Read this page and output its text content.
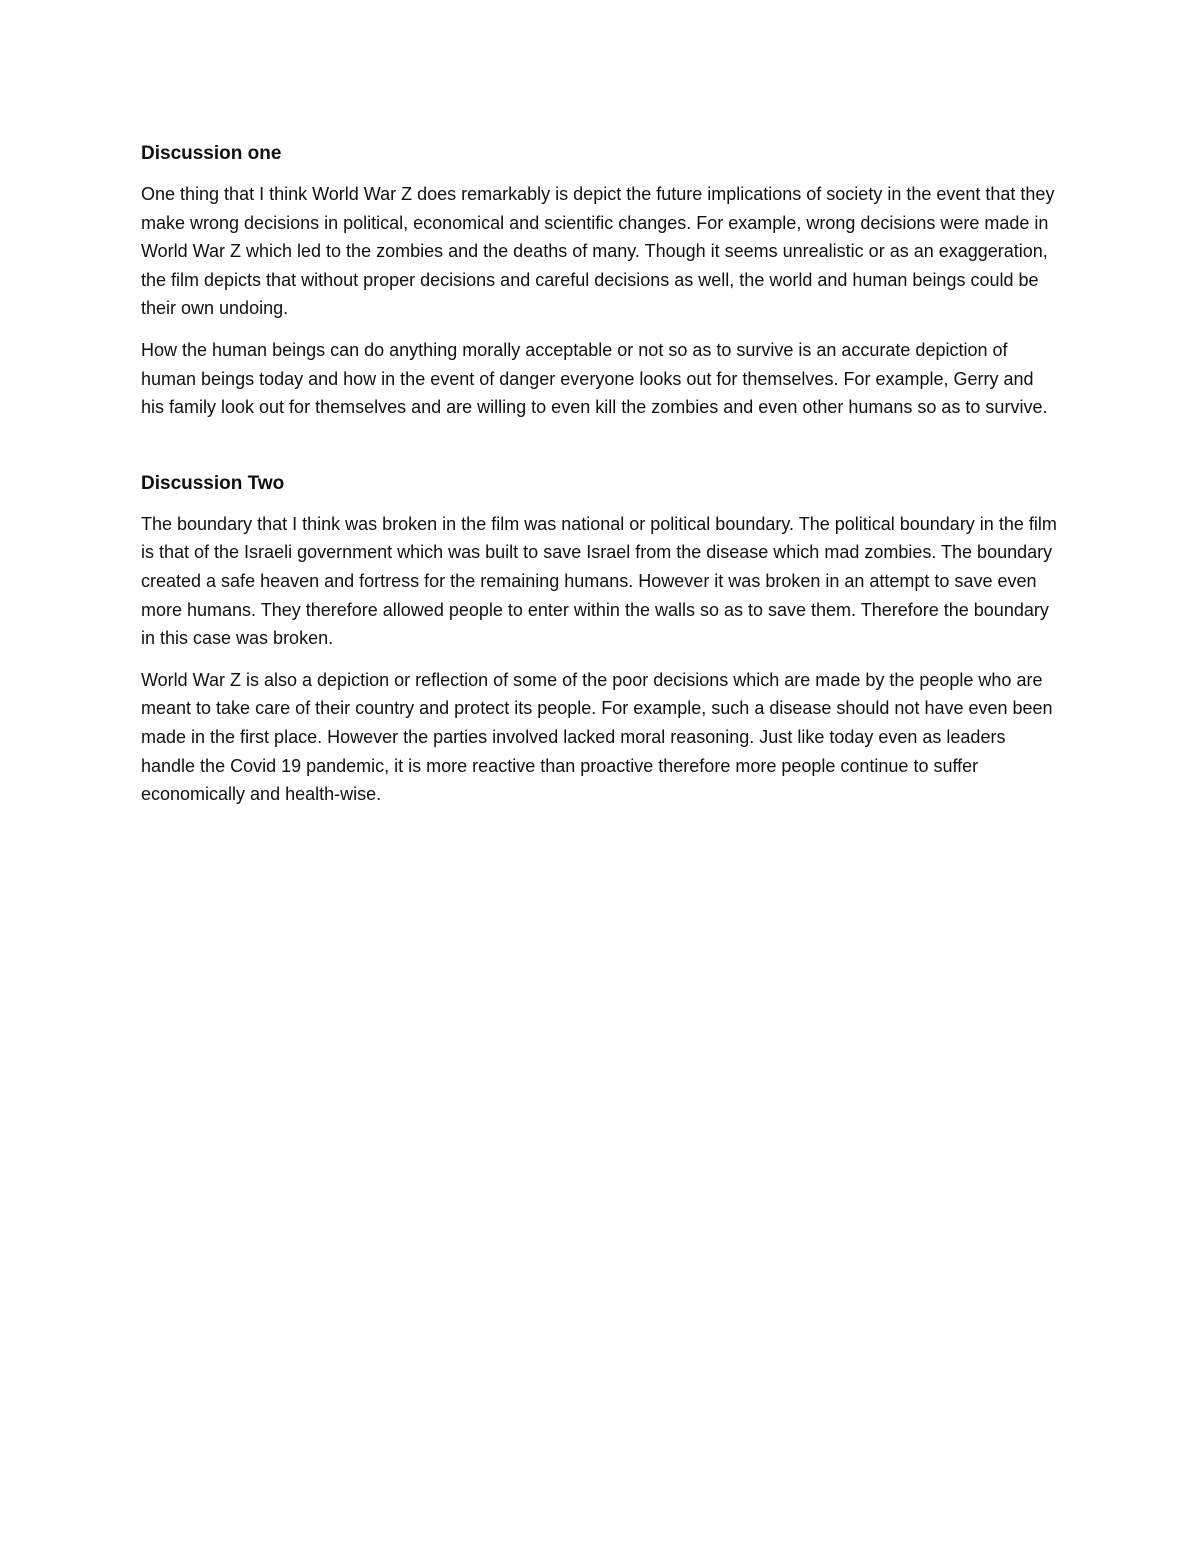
Discussion one

One thing that I think World War Z does remarkably is depict the future implications of society in the event that they make wrong decisions in political, economical and scientific changes. For example, wrong decisions were made in World War Z which led to the zombies and the deaths of many. Though it seems unrealistic or as an exaggeration, the film depicts that without proper decisions and careful decisions as well, the world and human beings could be their own undoing.

How the human beings can do anything morally acceptable or not so as to survive is an accurate depiction of human beings today and how in the event of danger everyone looks out for themselves. For example, Gerry and his family look out for themselves and are willing to even kill the zombies and even other humans so as to survive.

Discussion Two

The boundary that I think was broken in the film was national or political boundary. The political boundary in the film is that of the Israeli government which was built to save Israel from the disease which mad zombies. The boundary created a safe heaven and fortress for the remaining humans. However it was broken in an attempt to save even more humans. They therefore allowed people to enter within the walls so as to save them. Therefore the boundary in this case was broken.

World War Z is also a depiction or reflection of some of the poor decisions which are made by the people who are meant to take care of their country and protect its people. For example, such a disease should not have even been made in the first place. However the parties involved lacked moral reasoning. Just like today even as leaders handle the Covid 19 pandemic, it is more reactive than proactive therefore more people continue to suffer economically and health-wise.
